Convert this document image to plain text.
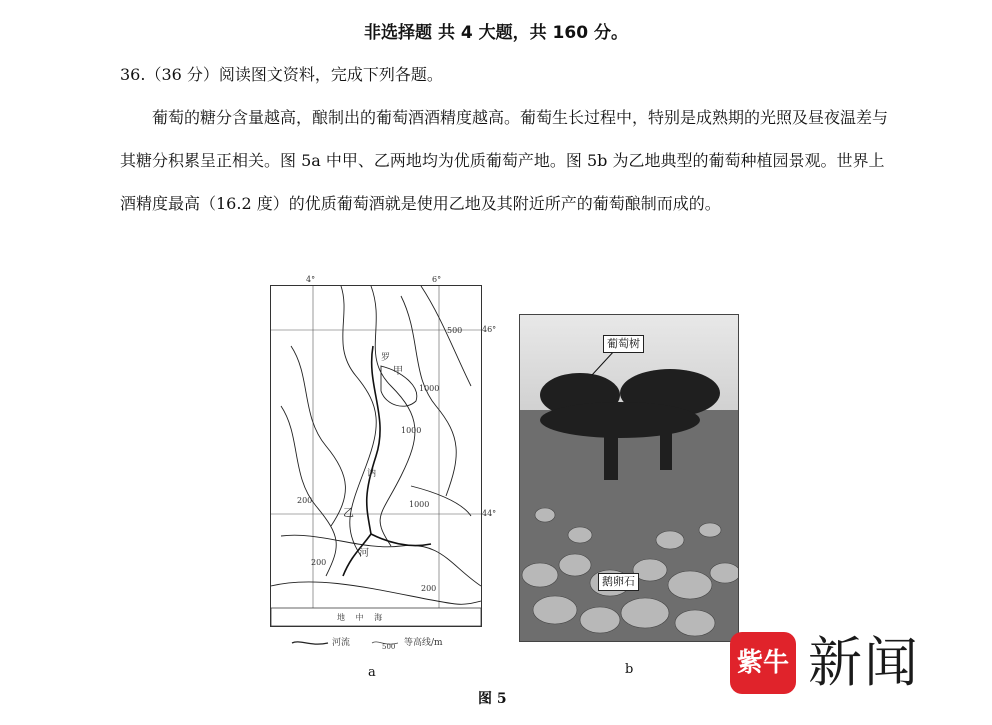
非选择题 共 4 大题，共 160 分。
36.（36 分）阅读图文资料，完成下列各题。
葡萄的糖分含量越高，酿制出的葡萄酒酒精度越高。葡萄生长过程中，特别是成熟期的光照及昼夜温差与其糖分积累呈正相关。图 5a 中甲、乙两地均为优质葡萄产地。图 5b 为乙地典型的葡萄种植园景观。世界上酒精度最高（16.2 度）的优质葡萄酒就是使用乙地及其附近所产的葡萄酿制而成的。
4°	6°
甲
罗
乙
讷
河
地 中 海
1000
1000
1000
500
200
200
200
46°
44°
河流	500 等高线/m
a
葡萄树
鹅卵石
b
图 5
紫牛 新闻
